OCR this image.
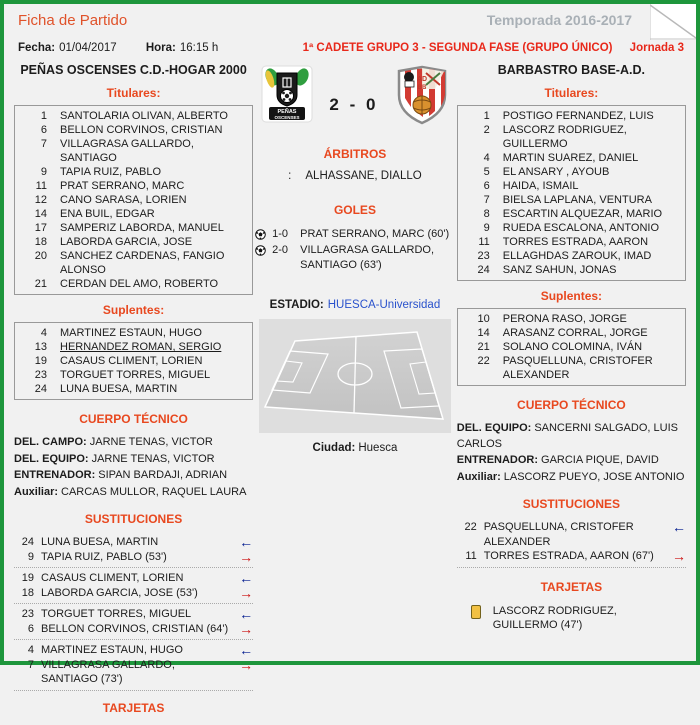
Ficha de Partido	Temporada 2016-2017
Fecha: 01/04/2017	Hora: 16:15 h	1ª CADETE GRUPO 3 - SEGUNDA FASE (GRUPO ÚNICO) Jornada 3
PEÑAS OSCENSES C.D.-HOGAR 2000
Titulares:
1 SANTOLARIA OLIVAN, ALBERTO
6 BELLON CORVINOS, CRISTIAN
7 VILLAGRASA GALLARDO, SANTIAGO
9 TAPIA RUIZ, PABLO
11 PRAT SERRANO, MARC
12 CANO SARASA, LORIEN
14 ENA BUIL, EDGAR
17 SAMPERIZ LABORDA, MANUEL
18 LABORDA GARCIA, JOSE
20 SANCHEZ CARDENAS, FANGIO ALONSO
21 CERDAN DEL AMO, ROBERTO
Suplentes:
4 MARTINEZ ESTAUN, HUGO
13 HERNANDEZ ROMAN, SERGIO
19 CASAUS CLIMENT, LORIEN
23 TORGUET TORRES, MIGUEL
24 LUNA BUESA, MARTIN
CUERPO TÉCNICO
DEL. CAMPO: JARNE TENAS, VICTOR
DEL. EQUIPO: JARNE TENAS, VICTOR
ENTRENADOR: SIPAN BARDAJI, ADRIAN
Auxiliar: CARCAS MULLOR, RAQUEL LAURA
SUSTITUCIONES
24 LUNA BUESA, MARTIN
←
9 TAPIA RUIZ, PABLO (53')
→
19 CASAUS CLIMENT, LORIEN
←
18 LABORDA GARCIA, JOSE (53')
→
23 TORGUET TORRES, MIGUEL
←
6 BELLON CORVINOS, CRISTIAN (64')
→
4 MARTINEZ ESTAUN, HUGO
←
7 VILLAGRASA GALLARDO, SANTIAGO (73')
→
TARJETAS
PEÑAS
OSCENSES
2 - 0
AD
BB
ÁRBITROS
: ALHASSANE, DIALLO
GOLES
1-0	PRAT SERRANO, MARC (60')
2-0	VILLAGRASA GALLARDO, SANTIAGO (63')
ESTADIO: HUESCA-Universidad
Ciudad: Huesca
BARBASTRO BASE-A.D.
Titulares:
1 POSTIGO FERNANDEZ, LUIS
2 LASCORZ RODRIGUEZ, GUILLERMO
4 MARTIN SUAREZ, DANIEL
5 EL ANSARY , AYOUB
6 HAIDA, ISMAIL
7 BIELSA LAPLANA, VENTURA
8 ESCARTIN ALQUEZAR, MARIO
9 RUEDA ESCALONA, ANTONIO
11 TORRES ESTRADA, AARON
23 ELLAGHDAS ZAROUK, IMAD
24 SANZ SAHUN, JONAS
Suplentes:
10 PERONA RASO, JORGE
14 ARASANZ CORRAL, JORGE
21 SOLANO COLOMINA, IVÁN
22 PASQUELLUNA, CRISTOFER ALEXANDER
CUERPO TÉCNICO
DEL. EQUIPO: SANCERNI SALGADO, LUIS CARLOS
ENTRENADOR: GARCIA PIQUE, DAVID
Auxiliar: LASCORZ PUEYO, JOSE ANTONIO
SUSTITUCIONES
22 PASQUELLUNA, CRISTOFER ALEXANDER
←
11 TORRES ESTRADA, AARON (67')
→
TARJETAS
LASCORZ RODRIGUEZ, GUILLERMO (47')
